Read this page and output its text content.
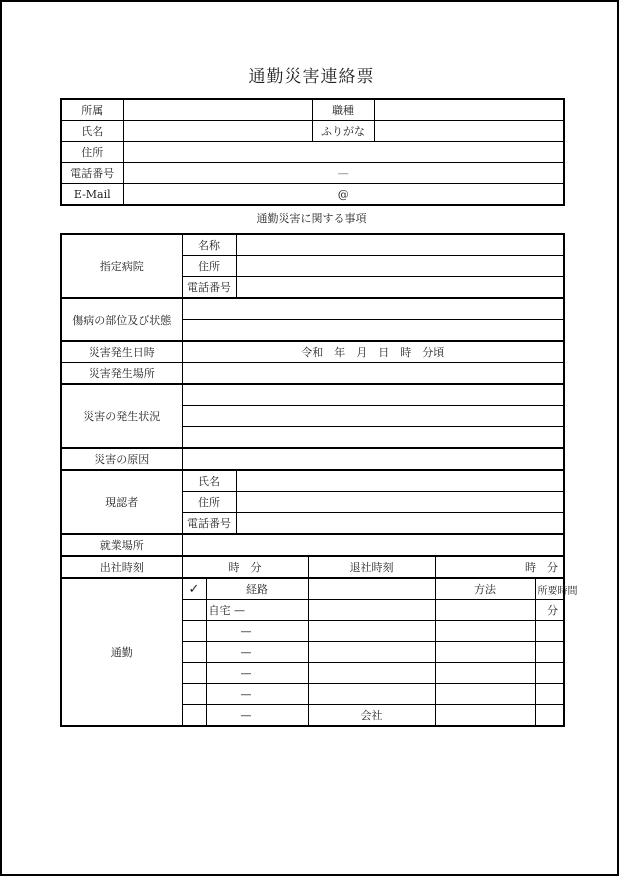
通勤災害連絡票
所属		職種	
氏名		ふりがな	
住所			
電話番号	—		
E-Mail	@		
通勤災害に関する事項
指定病院	名称					
	住所					
	電話番号					
傷病の部位及び状態						

災害発生日時	令和　年　月　日　時　分頃					
災害発生場所						
災害の発生状況						

災害の原因						
現認者	氏名					
	住所					
	電話番号					
就業場所						
出社時刻	時　分			退社時刻	時　分	
通勤	✓	経路			方法	所要時間
		自宅 —				分
		—				
		—				
		—				
		—				
		—		会社		
